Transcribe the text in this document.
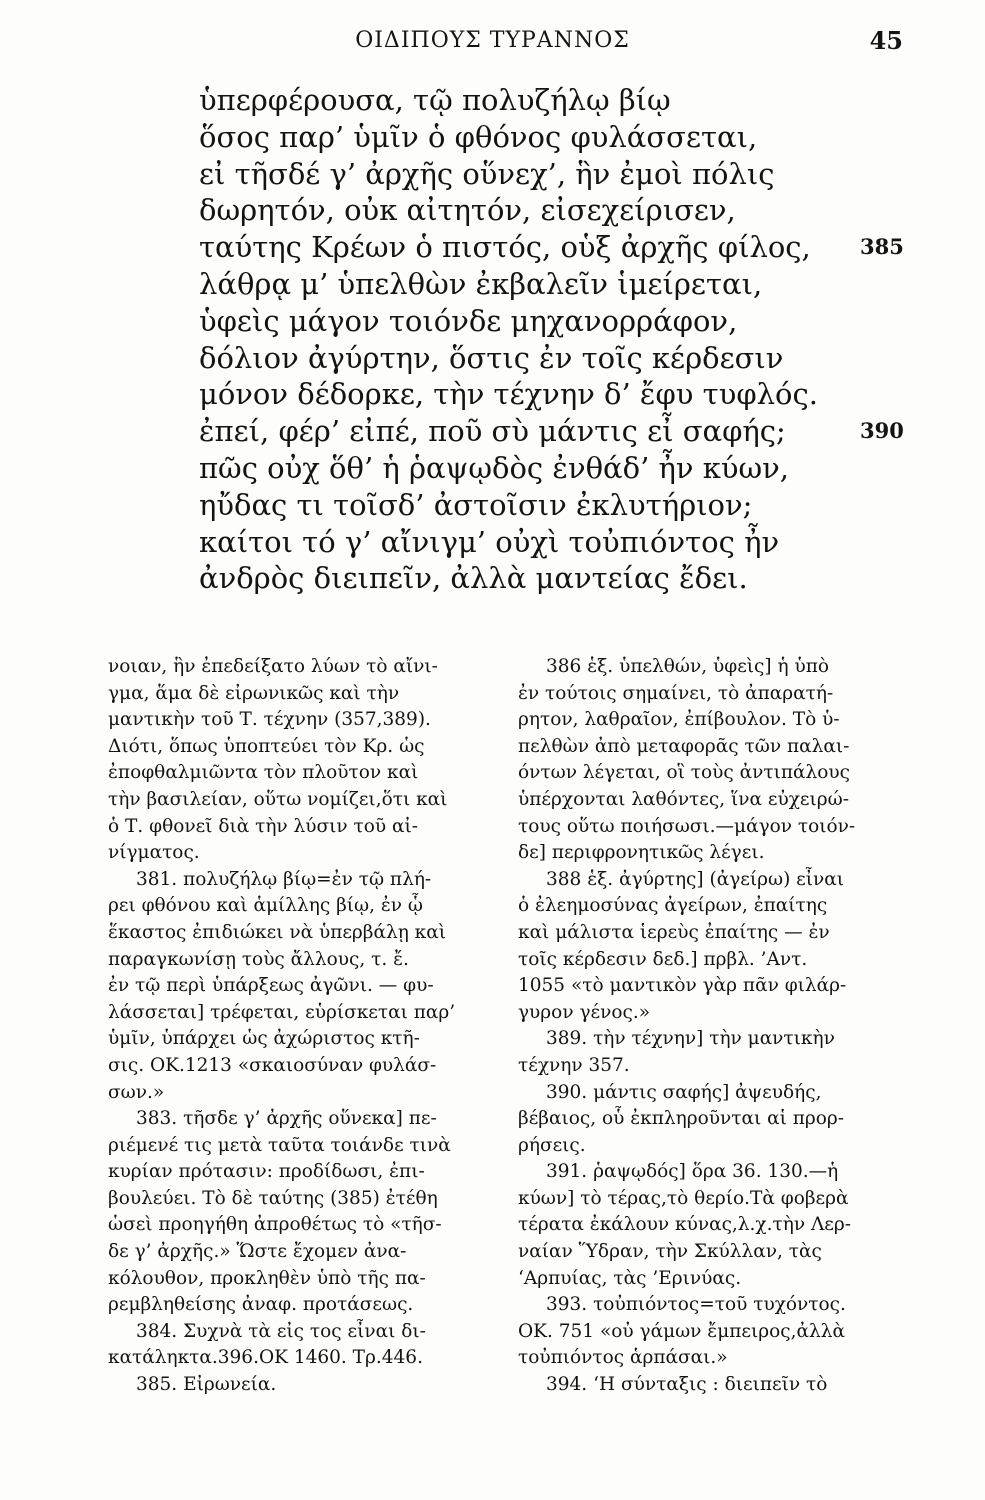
ΟΙΔΙΠΟΥΣ ΤΥΡΑΝΝΟΣ	45
ὑπερφέρουσα, τῷ πολυζήλῳ βίῳ
ὅσος παρ’ ὑμῖν ὁ φθόνος φυλάσσεται,
εἰ τῆσδέ γ’ ἀρχῆς οὕνεχ’, ἣν ἐμοὶ πόλις
δωρητόν, οὐκ αἰτητόν, εἰσεχείρισεν,
ταύτης Κρέων ὁ πιστός, οὑξ ἀρχῆς φίλος, 385
λάθρᾳ μ’ ὑπελθὼν ἐκβαλεῖν ἱμείρεται,
ὑφεὶς μάγον τοιόνδε μηχανορράφον,
δόλιον ἀγύρτην, ὅστις ἐν τοῖς κέρδεσιν
μόνον δέδορκε, τὴν τέχνην δ’ ἔφυ τυφλός.
ἐπεί, φέρ’ εἰπέ, ποῦ σὺ μάντις εἶ σαφής;	390
πῶς οὐχ ὅθ’ ἡ ῥαψῳδὸς ἐνθάδ’ ἦν κύων,
ηὔδας τι τοῖσδ’ ἀστοῖσιν ἐκλυτήριον;
καίτοι τό γ’ αἴνιγμ’ οὐχὶ τοὐπιόντος ἦν
ἀνδρὸς διειπεῖν, ἀλλὰ μαντείας ἔδει.
νοιαν, ἣν ἐπεδείξατο λύων τὸ αἴνι-
γμα, ἅμα δὲ εἰρωνικῶς καὶ τὴν
μαντικὴν τοῦ Τ. τέχνην (357,389).
Διότι, ὅπως ὑποπτεύει τὸν Κρ. ὡς
ἐποφθαλμιῶντα τὸν πλοῦτον καὶ
τὴν βασιλείαν, οὕτω νομίζει,ὅτι καὶ
ὁ Τ. φθονεῖ διὰ τὴν λύσιν τοῦ αἰ-
νίγματος.
381. πολυζήλῳ βίῳ=ἐν τῷ πλή-
ρει φθόνου καὶ ἁμίλλης βίῳ, ἐν ᾧ
ἕκαστος ἐπιδιώκει νὰ ὑπερβάλῃ καὶ
παραγκωνίσῃ τοὺς ἄλλους, τ. ἔ.
ἐν τῷ περὶ ὑπάρξεως ἀγῶνι. — φυ-
λάσσεται] τρέφεται, εὑρίσκεται παρ’
ὑμῖν, ὑπάρχει ὡς ἀχώριστος κτῆ-
σις. ΟΚ.1213 «σκαιοσύναν φυλάσ-
σων.»
383. τῆσδε γ’ ἀρχῆς οὕνεκα] πε-
ριέμενέ τις μετὰ ταῦτα τοιάνδε τινὰ
κυρίαν πρότασιν: προδίδωσι, ἐπι-
βουλεύει. Τὸ δὲ ταύτης (385) ἐτέθη
ὡσεὶ προηγήθη ἀπροθέτως τὸ «τῆσ-
δε γ’ ἀρχῆς.» Ὥστε ἔχομεν ἀνα-
κόλουθον, προκληθὲν ὑπὸ τῆς πα-
ρεμβληθείσης ἀναφ. προτάσεως.
384. Συχνὰ τὰ εἰς τος εἶναι δι-
κατάληκτα.396.ΟΚ 1460. Τρ.446.
385. Εἰρωνεία.
386 ἑξ. ὑπελθών, ὑφεὶς] ἡ ὑπὸ
ἐν τούτοις σημαίνει, τὸ ἀπαρατή-
ρητον, λαθραῖον, ἐπίβουλον. Τὸ ὑ-
πελθὼν ἀπὸ μεταφορᾶς τῶν παλαι-
όντων λέγεται, οἳ τοὺς ἀντιπάλους
ὑπέρχονται λαθόντες, ἵνα εὐχειρώ-
τους οὕτω ποιήσωσι.—μάγον τοιόν-
δε] περιφρονητικῶς λέγει.
388 ἑξ. ἀγύρτης] (ἀγείρω) εἶναι
ὁ ἐλεημοσύνας ἀγείρων, ἐπαίτης
καὶ μάλιστα ἱερεὺς ἐπαίτης — ἐν
τοῖς κέρδεσιν δεδ.] πρβλ. ’Αντ.
1055 «τὸ μαντικὸν γὰρ πᾶν φιλάρ-
γυρον γένος.»
389. τὴν τέχνην] τὴν μαντικὴν
τέχνην 357.
390. μάντις σαφής] ἀψευδής,
βέβαιος, οὗ ἐκπληροῦνται αἱ προρ-
ρήσεις.
391. ῥαψῳδός] ὅρα 36. 130.—ἡ
κύων] τὸ τέρας,τὸ θερίο.Τὰ φοβερὰ
τέρατα ἐκάλουν κύνας,λ.χ.τὴν Λερ-
ναίαν Ὕδραν, τὴν Σκύλλαν, τὰς
‘Αρπυίας, τὰς ’Ερινύας.
393. τοὐπιόντος=τοῦ τυχόντος.
ΟΚ. 751 «οὐ γάμων ἔμπειρος,ἀλλὰ
τοὐπιόντος ἁρπάσαι.»
394. ‘Η σύνταξις : διειπεῖν τὸ
